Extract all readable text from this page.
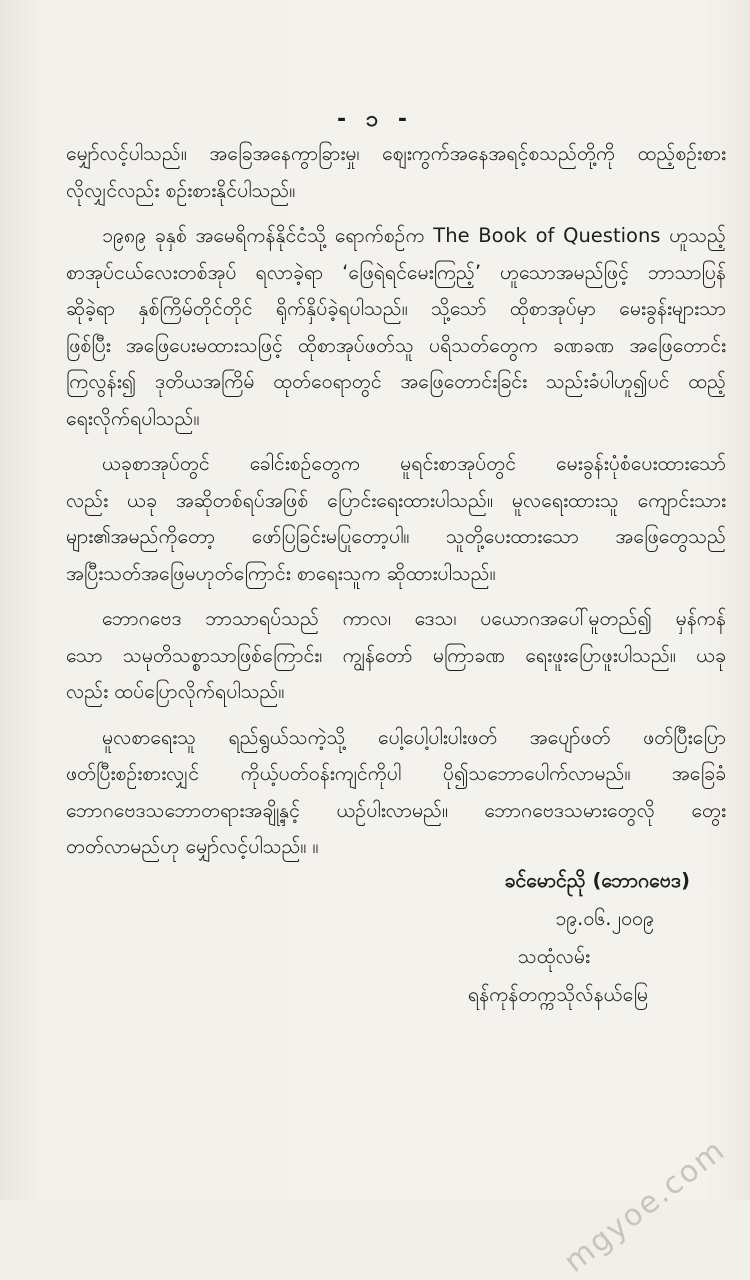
- ၁ -
မျှော်လင့်ပါသည်။ အခြေအနေကွာခြားမှု၊ စျေးကွက်အနေအရင့်စသည်တို့ကို ထည့်စဉ်းစား
လိုလျှင်လည်း စဉ်းစားနိုင်ပါသည်။
၁၉၈၉ ခုနှစ် အမေရိကန်နိုင်ငံသို့ ရောက်စဉ်က The Book of Questions ဟူသည့်
စာအုပ်ငယ်လေးတစ်အုပ် ရလာခဲ့ရာ ‘ဖြေရဲရင်မေးကြည့်’ ဟူသောအမည်ဖြင့် ဘာသာပြန်
ဆိုခဲ့ရာ နှစ်ကြိမ်တိုင်တိုင် ရိုက်နှိပ်ခဲ့ရပါသည်။ သို့သော် ထိုစာအုပ်မှာ မေးခွန်းများသာ
ဖြစ်ပြီး အဖြေပေးမထားသဖြင့် ထိုစာအုပ်ဖတ်သူ ပရိသတ်တွေက ခဏခဏ အဖြေတောင်း
ကြလွန်း၍ ဒုတိယအကြိမ် ထုတ်ဝေရာတွင် အဖြေတောင်းခြင်း သည်းခံပါဟူ၍ပင် ထည့်
ရေးလိုက်ရပါသည်။
ယခုစာအုပ်တွင် ခေါင်းစဉ်တွေက မူရင်းစာအုပ်တွင် မေးခွန်းပုံစံပေးထားသော်
လည်း ယခု အဆိုတစ်ရပ်အဖြစ် ပြောင်းရေးထားပါသည်။ မူလရေးထားသူ ကျောင်းသား
များ၏အမည်ကိုတော့ ဖော်ပြခြင်းမပြုတော့ပါ။ သူတို့ပေးထားသော အဖြေတွေသည်
အပြီးသတ်အဖြေမဟုတ်ကြောင်း စာရေးသူက ဆိုထားပါသည်။
ဘောဂဗေဒ ဘာသာရပ်သည် ကာလ၊ ဒေသ၊ ပယောဂအပေါ်မူတည်၍ မှန်ကန်
သော သမုတိသစ္စာသာဖြစ်ကြောင်း၊ ကျွန်တော် မကြာခဏ ရေးဖူးပြောဖူးပါသည်။ ယခု
လည်း ထပ်ပြောလိုက်ရပါသည်။
မူလစာရေးသူ ရည်ရွယ်သကဲ့သို့ ပေါ့ပေါ့ပါးပါးဖတ် အပျော်ဖတ် ဖတ်ပြီးပြော
ဖတ်ပြီးစဉ်းစားလျှင် ကိုယ့်ပတ်ဝန်းကျင်ကိုပါ ပို၍သဘောပေါက်လာမည်။ အခြေခံ
ဘောဂဗေဒသဘောတရားအချို့နှင့် ယဉ်ပါးလာမည်။ ဘောဂဗေဒသမားတွေလို တွေး
တတ်လာမည်ဟု မျှော်လင့်ပါသည်။ ။
ခင်မောင်ညို (ဘောဂဗေဒ)
၁၉.၀၆.၂၀၀၉
သထုံလမ်း
ရန်ကုန်တက္ကသိုလ်နယ်မြေ
mgyoe.com
